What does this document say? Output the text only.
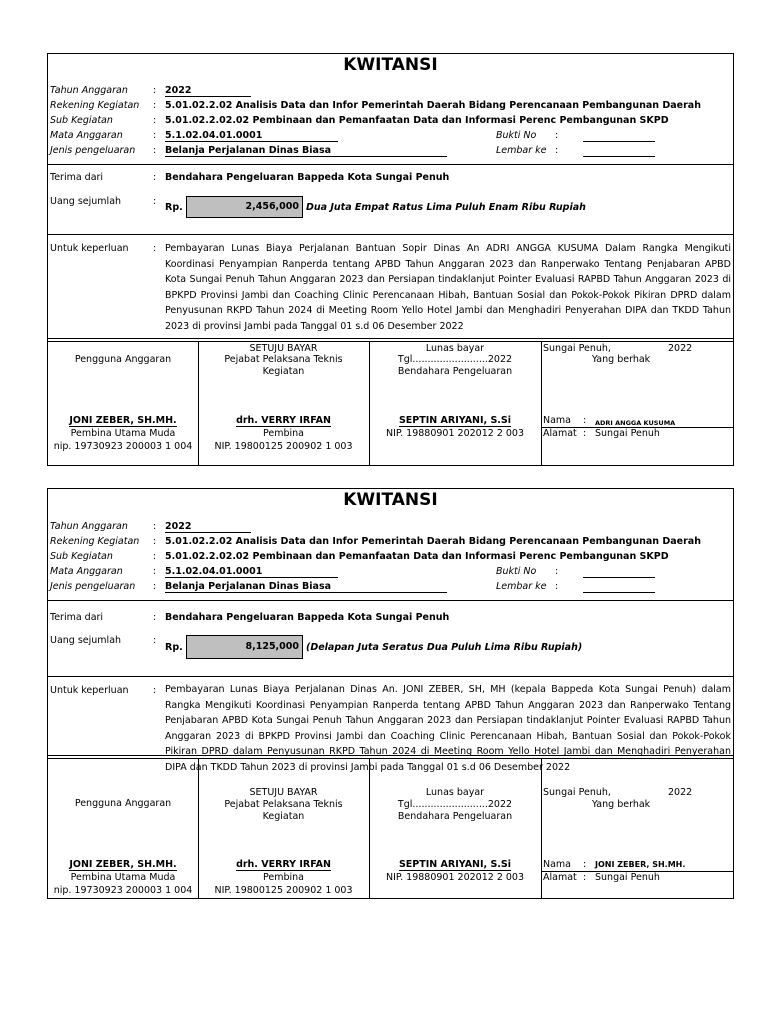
KWITANSI
Tahun Anggaran	: 2022
Rekening Kegiatan : 5.01.02.2.02 Analisis Data dan Infor Pemerintah Daerah Bidang Perencanaan Pembangunan Daerah
Sub Kegiatan	: 5.01.02.2.02.02 Pembinaan dan Pemanfaatan Data dan Informasi Perenc Pembangunan SKPD
Mata Anggaran	: 5.1.02.04.01.0001	Bukti No :
Jenis pengeluaran : Belanja Perjalanan Dinas Biasa	Lembar ke :
Terima dari	: Bendahara Pengeluaran Bappeda Kota Sungai Penuh
Uang sejumlah	:
Rp.	2,456,000 Dua Juta Empat Ratus Lima Puluh Enam Ribu Rupiah
Untuk keperluan	: Pembayaran Lunas Biaya Perjalanan Bantuan Sopir Dinas An ADRI ANGGA KUSUMA Dalam Rangka Mengikuti Koordinasi Penyampian Ranperda tentang APBD Tahun Anggaran 2023 dan Ranperwako Tentang Penjabaran APBD Kota Sungai Penuh Tahun Anggaran 2023 dan Persiapan tindaklanjut Pointer Evaluasi RAPBD Tahun Anggaran 2023 di BPKPD Provinsi Jambi dan Coaching Clinic Perencanaan Hibah, Bantuan Sosial dan Pokok-Pokok Pikiran DPRD dalam Penyusunan RKPD Tahun 2024 di Meeting Room Yello Hotel Jambi dan Menghadiri Penyerahan DIPA dan TKDD Tahun 2023 di provinsi Jambi pada Tanggal 01 s.d 06 Desember 2022
Pengguna Anggaran
JONI ZEBER, SH.MH.
Pembina Utama Muda
nip. 19730923 200003 1 004
SETUJU BAYAR
Pejabat Pelaksana Teknis
Kegiatan
drh. VERRY IRFAN
Pembina
NIP. 19800125 200902 1 003
Lunas bayar
Tgl.........................2022
Bendahara Pengeluaran
SEPTIN ARIYANI, S.Si
NIP. 19880901 202012 2 003
Sungai Penuh,	2022
Yang berhak
Nama : ADRI ANGGA KUSUMA
Alamat : Sungai Penuh
KWITANSI
Tahun Anggaran	: 2022
Rekening Kegiatan : 5.01.02.2.02 Analisis Data dan Infor Pemerintah Daerah Bidang Perencanaan Pembangunan Daerah
Sub Kegiatan	: 5.01.02.2.02.02 Pembinaan dan Pemanfaatan Data dan Informasi Perenc Pembangunan SKPD
Mata Anggaran	: 5.1.02.04.01.0001	Bukti No :
Jenis pengeluaran : Belanja Perjalanan Dinas Biasa	Lembar ke :
Terima dari	: Bendahara Pengeluaran Bappeda Kota Sungai Penuh
Uang sejumlah	:
Rp.	8,125,000 (Delapan Juta Seratus Dua Puluh Lima Ribu Rupiah)
Untuk keperluan	: Pembayaran Lunas Biaya Perjalanan Dinas An. JONI ZEBER, SH, MH (kepala Bappeda Kota Sungai Penuh) dalam Rangka Mengikuti Koordinasi Penyampian Ranperda tentang APBD Tahun Anggaran 2023 dan Ranperwako Tentang Penjabaran APBD Kota Sungai Penuh Tahun Anggaran 2023 dan Persiapan tindaklanjut Pointer Evaluasi RAPBD Tahun Anggaran 2023 di BPKPD Provinsi Jambi dan Coaching Clinic Perencanaan Hibah, Bantuan Sosial dan Pokok-Pokok Pikiran DPRD dalam Penyusunan RKPD Tahun 2024 di Meeting Room Yello Hotel Jambi dan Menghadiri Penyerahan DIPA dan TKDD Tahun 2023 di provinsi Jambi pada Tanggal 01 s.d 06 Desember 2022
Pengguna Anggaran
JONI ZEBER, SH.MH.
Pembina Utama Muda
nip. 19730923 200003 1 004
SETUJU BAYAR
Pejabat Pelaksana Teknis
Kegiatan
drh. VERRY IRFAN
Pembina
NIP. 19800125 200902 1 003
Lunas bayar
Tgl.........................2022
Bendahara Pengeluaran
SEPTIN ARIYANI, S.Si
NIP. 19880901 202012 2 003
Sungai Penuh,	2022
Yang berhak
Nama : JONI ZEBER, SH.MH.
Alamat : Sungai Penuh
